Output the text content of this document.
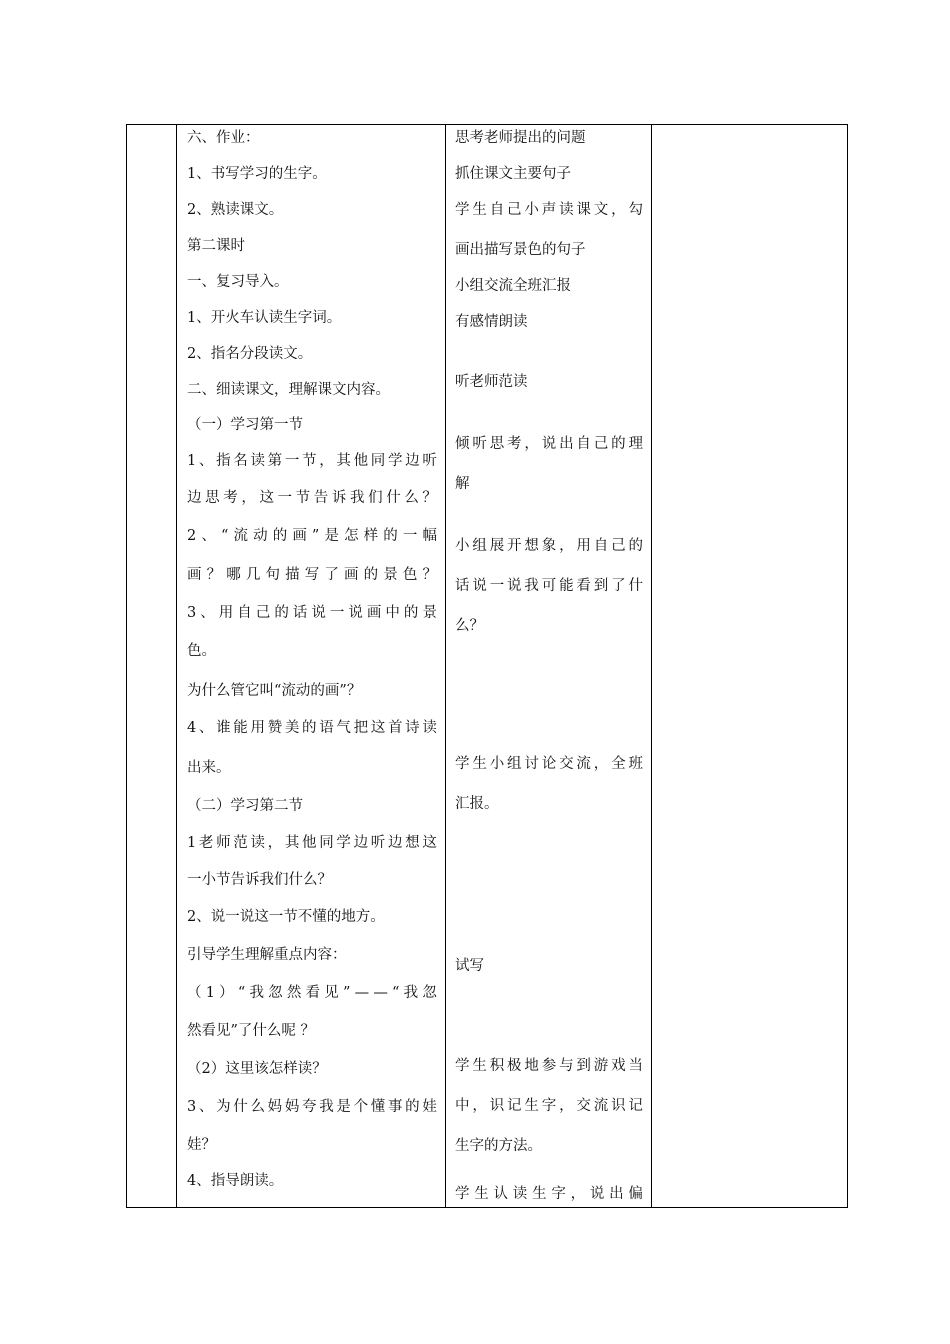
六、作业：
1、书写学习的生字。
2、熟读课文。
第二课时
一、复习导入。
1、开火车认读生字词。
2、指名分段读文。
二、细读课文，理解课文内容。
（一）学习第一节
1 、 指 名 读 第 一 节 ， 其 他 同 学 边 听
边 思 考 ， 这 一 节 告 诉 我 们 什 么 ？
2 、 “ 流 动 的 画 ” 是 怎 样 的 一 幅
画 ？ 哪 几 句 描 写 了 画 的 景 色 ？
3 、 用 自 己 的 话 说 一 说 画 中 的 景
色。
为什么管它叫“流动的画”？
4 、 谁 能 用 赞 美 的 语 气 把 这 首 诗 读
出来。
（二）学习第二节
1 老 师 范 读 ， 其 他 同 学 边 听 边 想 这
一小节告诉我们什么？
2、说一说这一节不懂的地方。
引导学生理解重点内容：
（ 1 ） “ 我 忽 然 看 见 ” — — “ 我 忽
然看见”了什么呢 ？
（2）这里该怎样读？
3 、 为 什 么 妈 妈 夸 我 是 个 懂 事 的 娃
娃？
4、指导朗读。
思考老师提出的问题
抓住课文主要句子
学 生 自 己 小 声 读 课 文 ， 勾
画出描写景色的句子
小组交流全班汇报
有感情朗读
听老师范读
倾 听 思 考 ， 说 出 自 己 的 理
解
小 组 展 开 想 象 ， 用 自 己 的
话 说 一 说 我 可 能 看 到 了 什
么？
学 生 小 组 讨 论 交 流 ， 全 班
汇报。
试写
学 生 积 极 地 参 与 到 游 戏 当
中 ， 识 记 生 字 ， 交 流 识 记
生字的方法。
学 生 认 读 生 字 ， 说 出 偏
